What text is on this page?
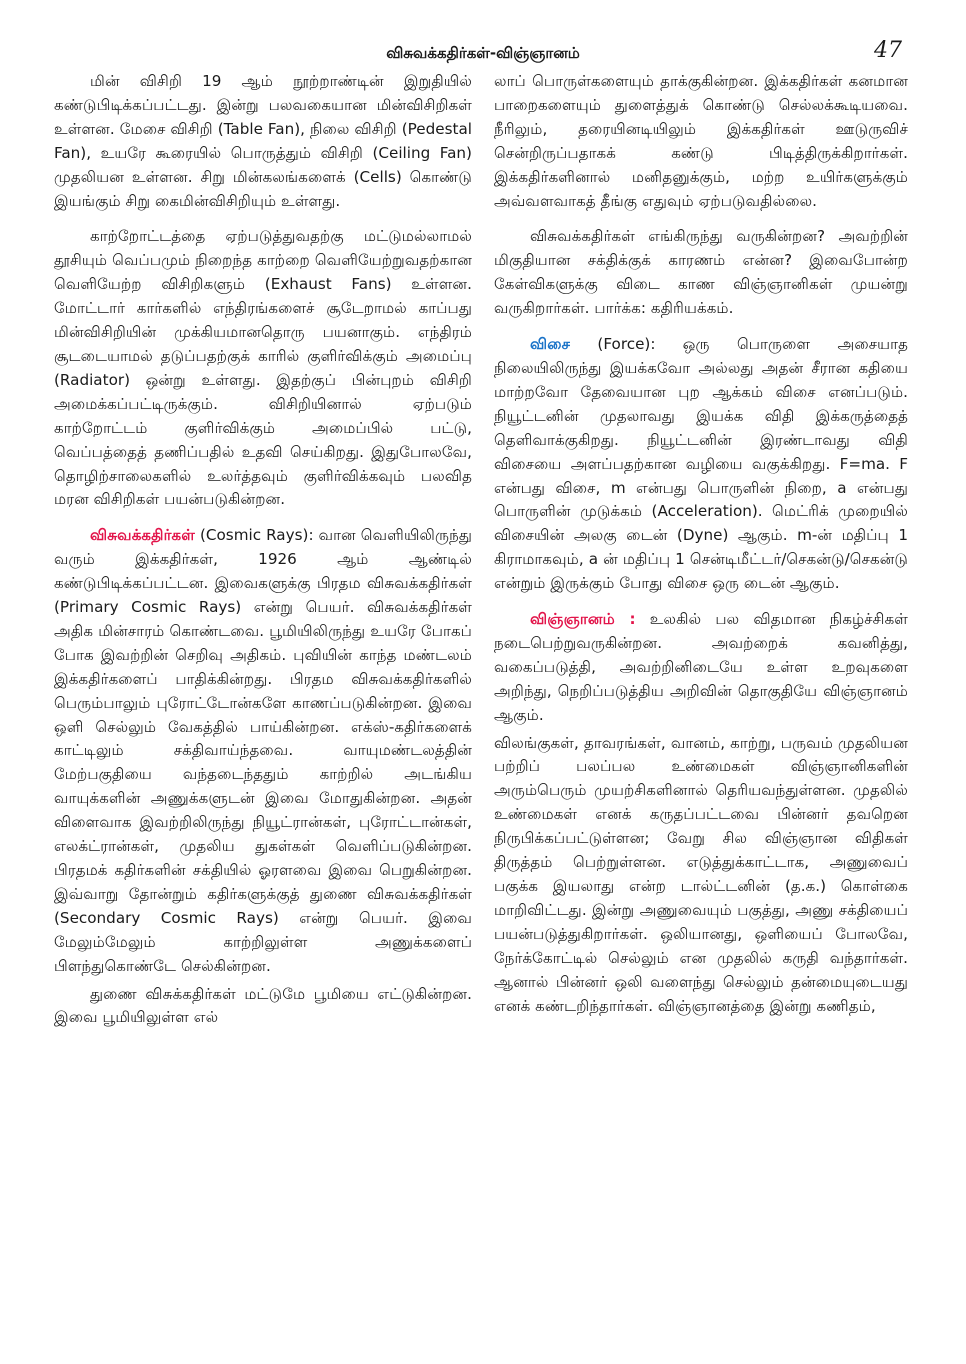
விசுவக்கதிர்கள்-விஞ்ஞானம்	47

மின் விசிறி 19 ஆம் நூற்றாண்டின் இறுதியில் கண்டுபிடிக்கப்பட்டது. இன்று பலவகையான மின்விசிறிகள் உள்ளன. மேசை விசிறி (Table Fan), நிலை விசிறி (Pedestal Fan), உயரே கூரையில் பொருத்தும் விசிறி (Ceiling Fan) முதலியன உள்ளன. சிறு மின்கலங்களைக் (Cells) கொண்டு இயங்கும் சிறு கைமின்விசிறியும் உள்ளது.

காற்றோட்டத்தை ஏற்படுத்துவதற்கு மட்டுமல்லாமல் தூசியும் வெப்பமும் நிறைந்த காற்றை வெளியேற்றுவதற்கான வெளியேற்ற விசிறிகளும் (Exhaust Fans) உள்ளன. மோட்டார் கார்களில் எந்திரங்களைச் சூடேறாமல் காப்பது மின்விசிறியின் முக்கியமானதொரு பயனாகும். எந்திரம் சூடடையாமல் தடுப்பதற்குக் காரில் குளிர்விக்கும் அமைப்பு (Radiator) ஒன்று உள்ளது. இதற்குப் பின்புறம் விசிறி அமைக்கப்பட்டிருக்கும். விசிறியினால் ஏற்படும் காற்றோட்டம் குளிர்விக்கும் அமைப்பில் பட்டு, வெப்பத்தைத் தணிப்பதில் உதவி செய்கிறது. இதுபோலவே, தொழிற்சாலைகளில் உலர்த்தவும் குளிர்விக்கவும் பலவித மரன விசிறிகள் பயன்படுகின்றன.

விசுவக்கதிர்கள் (Cosmic Rays): வான வெளியிலிருந்து வரும் இக்கதிர்கள், 1926 ஆம் ஆண்டில் கண்டுபிடிக்கப்பட்டன. இவைகளுக்கு பிரதம விசுவக்கதிர்கள் (Primary Cosmic Rays) என்று பெயர். விசுவக்கதிர்கள் அதிக மின்சாரம் கொண்டவை. பூமியிலிருந்து உயரே போகப் போக இவற்றின் செறிவு அதிகம். புவியின் காந்த மண்டலம் இக்கதிர்களைப் பாதிக்கின்றது. பிரதம விசுவக்கதிர்களில் பெரும்பாலும் புரோட்டோன்களே காணப்படுகின்றன. இவை ஒளி செல்லும் வேகத்தில் பாய்கின்றன. எக்ஸ்-கதிர்களைக் காட்டிலும் சக்திவாய்ந்தவை. வாயுமண்டலத்தின் மேற்பகுதியை வந்தடைந்ததும் காற்றில் அடங்கிய வாயுக்களின் அணுக்களுடன் இவை மோதுகின்றன. அதன் விளைவாக இவற்றிலிருந்து நியூட்ரான்கள், புரோட்டான்கள், எலக்ட்ரான்கள், முதலிய துகள்கள் வெளிப்படுகின்றன. பிரதமக் கதிர்களின் சக்தியில் ஓரளவை இவை பெறுகின்றன. இவ்வாறு தோன்றும் கதிர்களுக்குத் துணை விசுவக்கதிர்கள் (Secondary Cosmic Rays) என்று பெயர். இவை மேலும்மேலும் காற்றிலுள்ள அணுக்களைப் பிளந்துகொண்டே செல்கின்றன.

துணை விசுக்கதிர்கள் மட்டுமே பூமியை எட்டுகின்றன. இவை பூமியிலுள்ள எல்

லாப் பொருள்களையும் தாக்குகின்றன. இக்கதிர்கள் கனமான பாறைகளையும் துளைத்துக் கொண்டு செல்லக்கூடியவை. நீரிலும், தரையினடியிலும் இக்கதிர்கள் ஊடுருவிச் சென்றிருப்பதாகக் கண்டு பிடித்திருக்கிறார்கள். இக்கதிர்களினால் மனிதனுக்கும், மற்ற உயிர்களுக்கும் அவ்வளவாகத் தீங்கு எதுவும் ஏற்படுவதில்லை.

விசுவக்கதிர்கள் எங்கிருந்து வருகின்றன? அவற்றின் மிகுதியான சக்திக்குக் காரணம் என்ன? இவைபோன்ற கேள்விகளுக்கு விடை காண விஞ்ஞானிகள் முயன்று வருகிறார்கள். பார்க்க: கதிரியக்கம்.

விசை (Force): ஒரு பொருளை அசையாத நிலையிலிருந்து இயக்கவோ அல்லது அதன் சீரான கதியை மாற்றவோ தேவையான புற ஆக்கம் விசை எனப்படும். நியூட்டனின் முதலாவது இயக்க விதி இக்கருத்தைத் தெளிவாக்குகிறது. நியூட்டனின் இரண்டாவது விதி விசையை அளப்பதற்கான வழியை வகுக்கிறது. F=ma. F என்பது விசை, m என்பது பொருளின் நிறை, a என்பது பொருளின் முடுக்கம் (Acceleration). மெட்ரிக் முறையில் விசையின் அலகு டைன் (Dyne) ஆகும். m-ன் மதிப்பு 1 கிராமாகவும், a ன் மதிப்பு 1 சென்டிமீட்டர்/செகன்டு/செகன்டு என்றும் இருக்கும் போது விசை ஒரு டைன் ஆகும்.

விஞ்ஞானம் : உலகில் பல விதமான நிகழ்ச்சிகள் நடைபெற்றுவருகின்றன. அவற்றைக் கவனித்து, வகைப்படுத்தி, அவற்றினிடையே உள்ள உறவுகளை அறிந்து, நெறிப்படுத்திய அறிவின் தொகுதியே விஞ்ஞானம் ஆகும்.

விலங்குகள், தாவரங்கள், வானம், காற்று, பருவம் முதலியன பற்றிப் பலப்பல உண்மைகள் விஞ்ஞானிகளின் அரும்பெரும் முயற்சிகளினால் தெரியவந்துள்ளன. முதலில் உண்மைகள் எனக் கருதப்பட்டவை பின்னர் தவறென நிருபிக்கப்பட்டுள்ளன; வேறு சில விஞ்ஞான விதிகள் திருத்தம் பெற்றுள்ளன. எடுத்துக்காட்டாக, அணுவைப் பகுக்க இயலாது என்ற டால்ட்டனின் (த.க.) கொள்கை மாறிவிட்டது. இன்று அணுவையும் பகுத்து, அணு சக்தியைப் பயன்படுத்துகிறார்கள். ஒலியானது, ஒளியைப் போலவே, நேர்க்கோட்டில் செல்லும் என முதலில் கருதி வந்தார்கள். ஆனால் பின்னர் ஒலி வளைந்து செல்லும் தன்மையுடையது எனக் கண்டறிந்தார்கள். விஞ்ஞானத்தை இன்று கணிதம்,
